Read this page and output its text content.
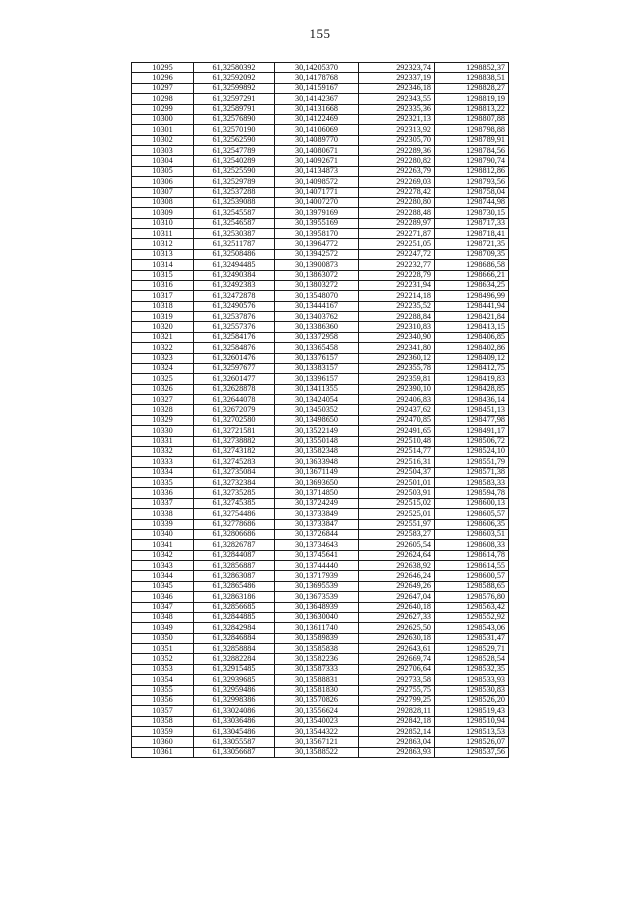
155
10295	61,32580392	30,14205370	292323,74	1298852,37
10296	61,32592092	30,14178768	292337,19	1298838,51
10297	61,32599892	30,14159167	292346,18	1298828,27
10298	61,32597291	30,14142367	292343,55	1298819,19
10299	61,32589791	30,14131668	292335,36	1298813,22
10300	61,32576890	30,14122469	292321,13	1298807,88
10301	61,32570190	30,14106069	292313,92	1298798,88
10302	61,32562590	30,14089770	292305,70	1298789,91
10303	61,32547789	30,14080671	292289,36	1298784,56
10304	61,32540289	30,14092671	292280,82	1298790,74
10305	61,32525590	30,14134873	292263,79	1298812,86
10306	61,32529789	30,14098572	292269,03	1298793,56
10307	61,32537288	30,14071771	292278,42	1298758,04
10308	61,32539088	30,14007270	292280,80	1298744,98
10309	61,32545587	30,13979169	292288,48	1298730,15
10310	61,32546587	30,13955169	292289,97	1298717,33
10311	61,32530387	30,13958170	292271,87	1298718,41
10312	61,32511787	30,13964772	292251,05	1298721,35
10313	61,32508486	30,13942572	292247,72	1298709,35
10314	61,32494485	30,13900873	292232,77	1298686,58
10315	61,32490384	30,13863072	292228,79	1298666,21
10316	61,32492383	30,13803272	292231,94	1298634,25
10317	61,32472878	30,13548070	292214,18	1298496,99
10318	61,32490576	30,13444167	292235,52	1298441,94
10319	61,32537876	30,13403762	292288,84	1298421,84
10320	61,32557376	30,13386360	292310,83	1298413,15
10321	61,32584176	30,13372958	292340,90	1298406,85
10322	61,32584876	30,13365458	292341,80	1298402,86
10323	61,32601476	30,13376157	292360,12	1298409,12
10324	61,32597677	30,13383157	292355,78	1298412,75
10325	61,32601477	30,13396157	292359,81	1298419,83
10326	61,32628878	30,13411355	292390,10	1298428,85
10327	61,32644078	30,13424054	292406,83	1298436,14
10328	61,32672079	30,13450352	292437,62	1298451,13
10329	61,32702580	30,13498650	292470,85	1298477,98
10330	61,32721581	30,13522149	292491,65	1298491,17
10331	61,32738882	30,13550148	292510,48	1298506,72
10332	61,32743182	30,13582348	292514,77	1298524,10
10333	61,32745283	30,13633948	292516,31	1298551,79
10334	61,32735084	30,13671149	292504,37	1298571,38
10335	61,32732384	30,13693650	292501,01	1298583,33
10336	61,32735285	30,13714850	292503,91	1298594,78
10337	61,32745385	30,13724249	292515,02	1298600,13
10338	61,32754486	30,13733849	292525,01	1298605,57
10339	61,32778686	30,13733847	292551,97	1298606,35
10340	61,32806686	30,13726844	292583,27	1298603,51
10341	61,32826787	30,13734643	292605,54	1298608,33
10342	61,32844087	30,13745641	292624,64	1298614,78
10343	61,32856887	30,13744440	292638,92	1298614,55
10344	61,32863087	30,13717939	292646,24	1298600,57
10345	61,32865486	30,13695539	292649,26	1298588,65
10346	61,32863186	30,13673539	292647,04	1298576,80
10347	61,32856685	30,13648939	292640,18	1298563,42
10348	61,32844885	30,13630040	292627,33	1298552,92
10349	61,32842984	30,13611740	292625,50	1298543,06
10350	61,32846884	30,13589839	292630,18	1298531,47
10351	61,32858884	30,13585838	292643,61	1298529,71
10352	61,32882284	30,13582236	292669,74	1298528,54
10353	61,32915485	30,13587333	292706,64	1298532,35
10354	61,32939685	30,13588831	292733,58	1298533,93
10355	61,32959486	30,13581830	292755,75	1298530,83
10356	61,32998386	30,13570826	292799,25	1298526,20
10357	61,33024086	30,13556624	292828,11	1298519,43
10358	61,33036486	30,13540023	292842,18	1298510,94
10359	61,33045486	30,13544322	292852,14	1298513,53
10360	61,33055587	30,13567121	292863,04	1298526,07
10361	61,33056687	30,13588522	292863,93	1298537,56
